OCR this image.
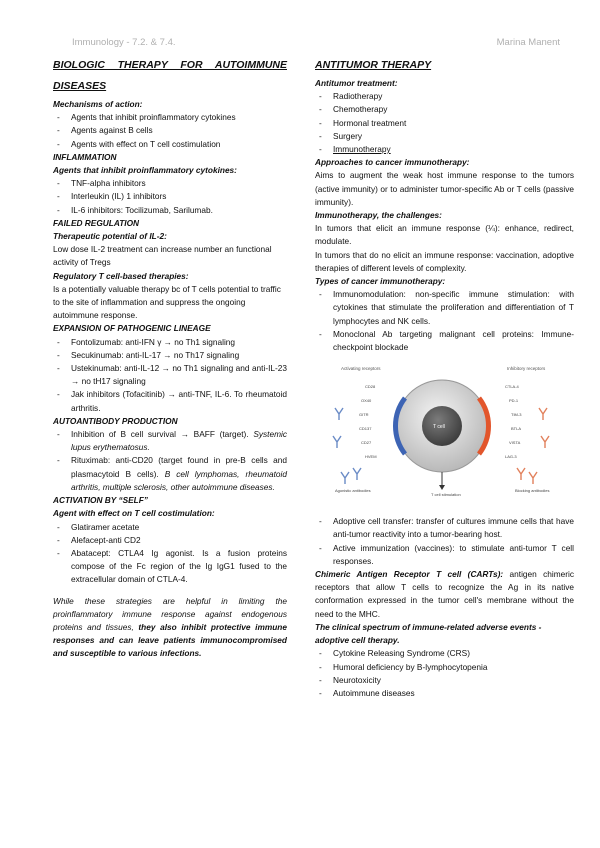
Immunology - 7.2. & 7.4.	Marina Manent

BIOLOGIC THERAPY FOR AUTOIMMUNE

DISEASES

Mechanisms of action:

- Agents that inhibit proinflammatory cytokines
- Agents against B cells
- Agents with effect on T cell costimulation

INFLAMMATION

Agents that inhibit proinflammatory cytokines:

- TNF-alpha inhibitors
- Interleukin (IL) 1 inhibitors
- IL-6 inhibitors: Tocilizumab, Sarilumab.

FAILED REGULATION

Therapeutic potential of IL-2:

Low dose IL-2 treatment can increase number an functional activity of Tregs

Regulatory T cell-based therapies:

Is a potentially valuable therapy bc of T cells potential to traffic to the site of inflammation and suppress the ongoing autoimmune response.

EXPANSION OF PATHOGENIC LINEAGE

- Fontolizumab: anti-IFN γ → no Th1 signaling
- Secukinumab: anti-IL-17 → no Th17 signaling
- Ustekinumab: anti-IL-12 → no Th1 signaling and anti-IL-23 → no tH17 signaling
- Jak inhibitors (Tofacitinib) → anti-TNF, IL-6. To rheumatoid arthritis.

AUTOANTIBODY PRODUCTION

- Inhibition of B cell survival → BAFF (target). Systemic lupus erythematosus.
- Rituximab: anti-CD20 (target found in pre-B cells and plasmacytoid B cells). B cell lymphomas, rheumatoid arthritis, multiple sclerosis, other autoimmune diseases.

ACTIVATION BY “SELF”

Agent with effect on T cell costimulation:

- Glatiramer acetate
- Alefacept-anti CD2
- Abatacept: CTLA4 Ig agonist. Is a fusion proteins compose of the Fc region of the Ig IgG1 fused to the extracellular domain of CTLA-4.

While these strategies are helpful in limiting the proinflammatory immune response against endogenous proteins and tissues, they also inhibit protective immune responses and can leave patients immunocompromised and susceptible to various infections.

ANTITUMOR THERAPY

Antitumor treatment:

- Radiotherapy
- Chemotherapy
- Hormonal treatment
- Surgery
- Immunotherapy

Approaches to cancer immunotherapy:

Aims to augment the weak host immune response to the tumors (active immunity) or to administer tumor-specific Ab or T cells (passive immunity).

Immunotherapy, the challenges:

In tumors that elicit an immune response (¼): enhance, redirect, modulate.

In tumors that do no elicit an immune response: vaccination, adoptive therapies of different levels of complexity.

Types of cancer immunotherapy:

- Immunomodulation: non-specific immune stimulation: with cytokines that stimulate the proliferation and differentiation of T lymphocytes and NK cells.
- Monoclonal Ab targeting malignant cell proteins: Immune-checkpoint blockade
Activating receptors	Inhibitory receptors
T cell
CD28
OX40
GITR
CD137
CD27
HVEM
CTLA-4
PD-1
TIM-3
BTLA
VISTA
LAG-3
T cell stimulation
Agonistic antibodies	Blocking antibodies
- Adoptive cell transfer: transfer of cultures immune cells that have anti-tumor reactivity into a tumor-bearing host.
- Active immunization (vaccines): to stimulate anti-tumor T cell responses.

Chimeric Antigen Receptor T cell (CARTs): antigen chimeric receptors that allow T cells to recognize the Ag in its native conformation expressed in the tumor cell's membrane without the need to the MHC.

The clinical spectrum of immune-related adverse events - adoptive cell therapy.

- Cytokine Releasing Syndrome (CRS)
- Humoral deficiency by B-lymphocytopenia
- Neurotoxicity
- Autoimmune diseases
